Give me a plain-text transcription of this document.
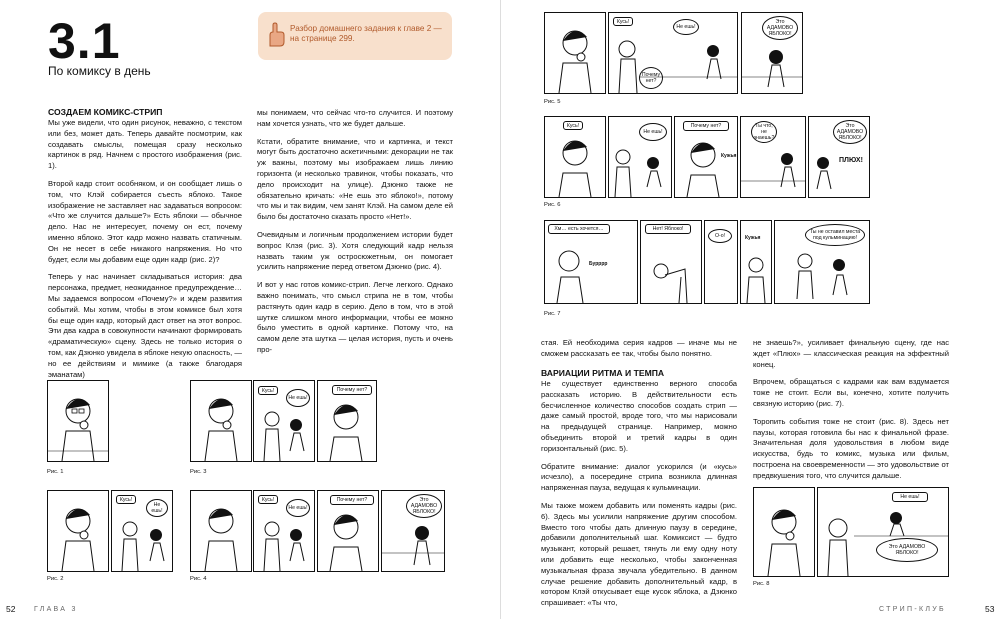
3.1
По комиксу в день
Разбор домашнего задания к главе 2 — на странице 299.
СОЗДАЕМ КОМИКС-СТРИП

Мы уже видели, что один рисунок, неважно, с текстом или без, может дать. Теперь давайте посмотрим, как создавать смыслы, помещая сразу несколько картинок в ряд. Начнем с простого изображения (рис. 1).

Второй кадр стоит особняком, и он сообщает лишь о том, что Клэй собирается съесть яблоко. Такое изображение не заставляет нас задаваться вопросом: «Что же случится дальше?» Есть яблоки — обычное дело. Нас не интересует, почему он ест, почему именно яблоко. Этот кадр можно назвать статичным. Он не несет в себе никакого напряжения. Но что будет, если мы добавим еще один кадр (рис. 2)?

Теперь у нас начинает складываться история: два персонажа, предмет, неожиданное предупреждение… Мы задаемся вопросом «Почему?» и ждем развития событий. Мы хотим, чтобы в этом комиксе был хотя бы еще один кадр, который даст ответ на этот вопрос. Эти два кадра в совокупности начинают формировать «драматическую» сцену. Здесь не только история о том, как Дзюнко увидела в яблоке некую опасность, — но ее действиям и мимике (а также благодаря эманатам)

мы понимаем, что сейчас что-то случится. И поэтому нам хочется узнать, что же будет дальше.

Кстати, обратите внимание, что и картинка, и текст могут быть достаточно аскетичными: декорации не так уж важны, поэтому мы изображаем лишь линию горизонта (и несколько травинок, чтобы показать, что дело происходит на улице). Дзюнко также не обязательно кричать: «Не ешь это яблоко!», потому что мы и так видим, чем занят Клэй. На самом деле ей было бы достаточно сказать просто «Нет!».

Очевидным и логичным продолжением истории будет вопрос Клэя (рис. 3). Хотя следующий кадр нельзя назвать таким уж остросюжетным, он помогает усилить напряжение перед ответом Дзюнко (рис. 4).

И вот у нас готов комикс-стрип. Легче легкого. Однако важно понимать, что смысл стрипа не в том, чтобы растянуть один кадр в серию. Дело в том, что в этой шутке слишком много информации, чтобы ее можно было уместить в одной картинке. Потому что, на самом деле эта шутка — целая история, пусть и очень про-

Рис. 1
Кусь!
Не ешь!
Почему нет?
Рис. 3
Кусь!
Не ешь!
Рис. 2
Кусь!
Не ешь!
Почему нет?	Это АДАМОВО ЯБЛОКО!
Рис. 4
52	ГЛАВА 3
Кусь!
Не ешь!
Почему нет?
Это АДАМОВО ЯБЛОКО!
Рис. 5
Кусь!
Не ешь!
Почему нет?
Кужья
Ты что, не знаешь?
Это АДАМОВО ЯБЛОКО!
ПЛЮХ!
Рис. 6
Хм… есть хочется…
Бурррр
Нет! Яблоко!
О-о!	Кужья
Ты не оставил места под кульминацию!
Рис. 7

стая. Ей необходима серия кадров — иначе мы не сможем рассказать ее так, чтобы было понятно.

ВАРИАЦИИ РИТМА И ТЕМПА

Не существует единственно верного способа рассказать историю. В действительности есть бесчисленное количество способов создать стрип — даже самый простой, вроде того, что мы нарисовали на предыдущей странице. Например, можно объединить второй и третий кадры в один горизонтальный (рис. 5).

Обратите внимание: диалог ускорился (и «кусь» исчезло), а посередине стрипа возникла длинная напряженная пауза, ведущая к кульминации.

Мы также можем добавить или поменять кадры (рис. 6). Здесь мы усилили напряжение другим способом. Вместо того чтобы дать длинную паузу в середине, добавили дополнительный шаг. Комиксист — будто музыкант, который решает, тянуть ли ему одну ноту или добавить еще несколько, чтобы законченная музыкальная фраза звучала убедительно. В данном случае решение добавить дополнительный кадр, в котором Клэй откусывает еще кусок яблока, а Дзюнко спрашивает: «Ты что,

не знаешь?», усиливает финальную сцену, где нас ждет «Плюх» — классическая реакция на эффектный конец.

Впрочем, обращаться с кадрами как вам вздумается тоже не стоит. Если вы, конечно, хотите получить связную историю (рис. 7).

Торопить события тоже не стоит (рис. 8). Здесь нет паузы, которая готовила бы нас к финальной фразе. Значительная доля удовольствия в любом виде искусства, будь то комикс, музыка или фильм, построена на своевременности — это удовольствие от предвкушения того, что случится дальше.

Не ешь!
Это АДАМОВО ЯБЛОКО!
Рис. 8
СТРИП-КЛУБ	53
